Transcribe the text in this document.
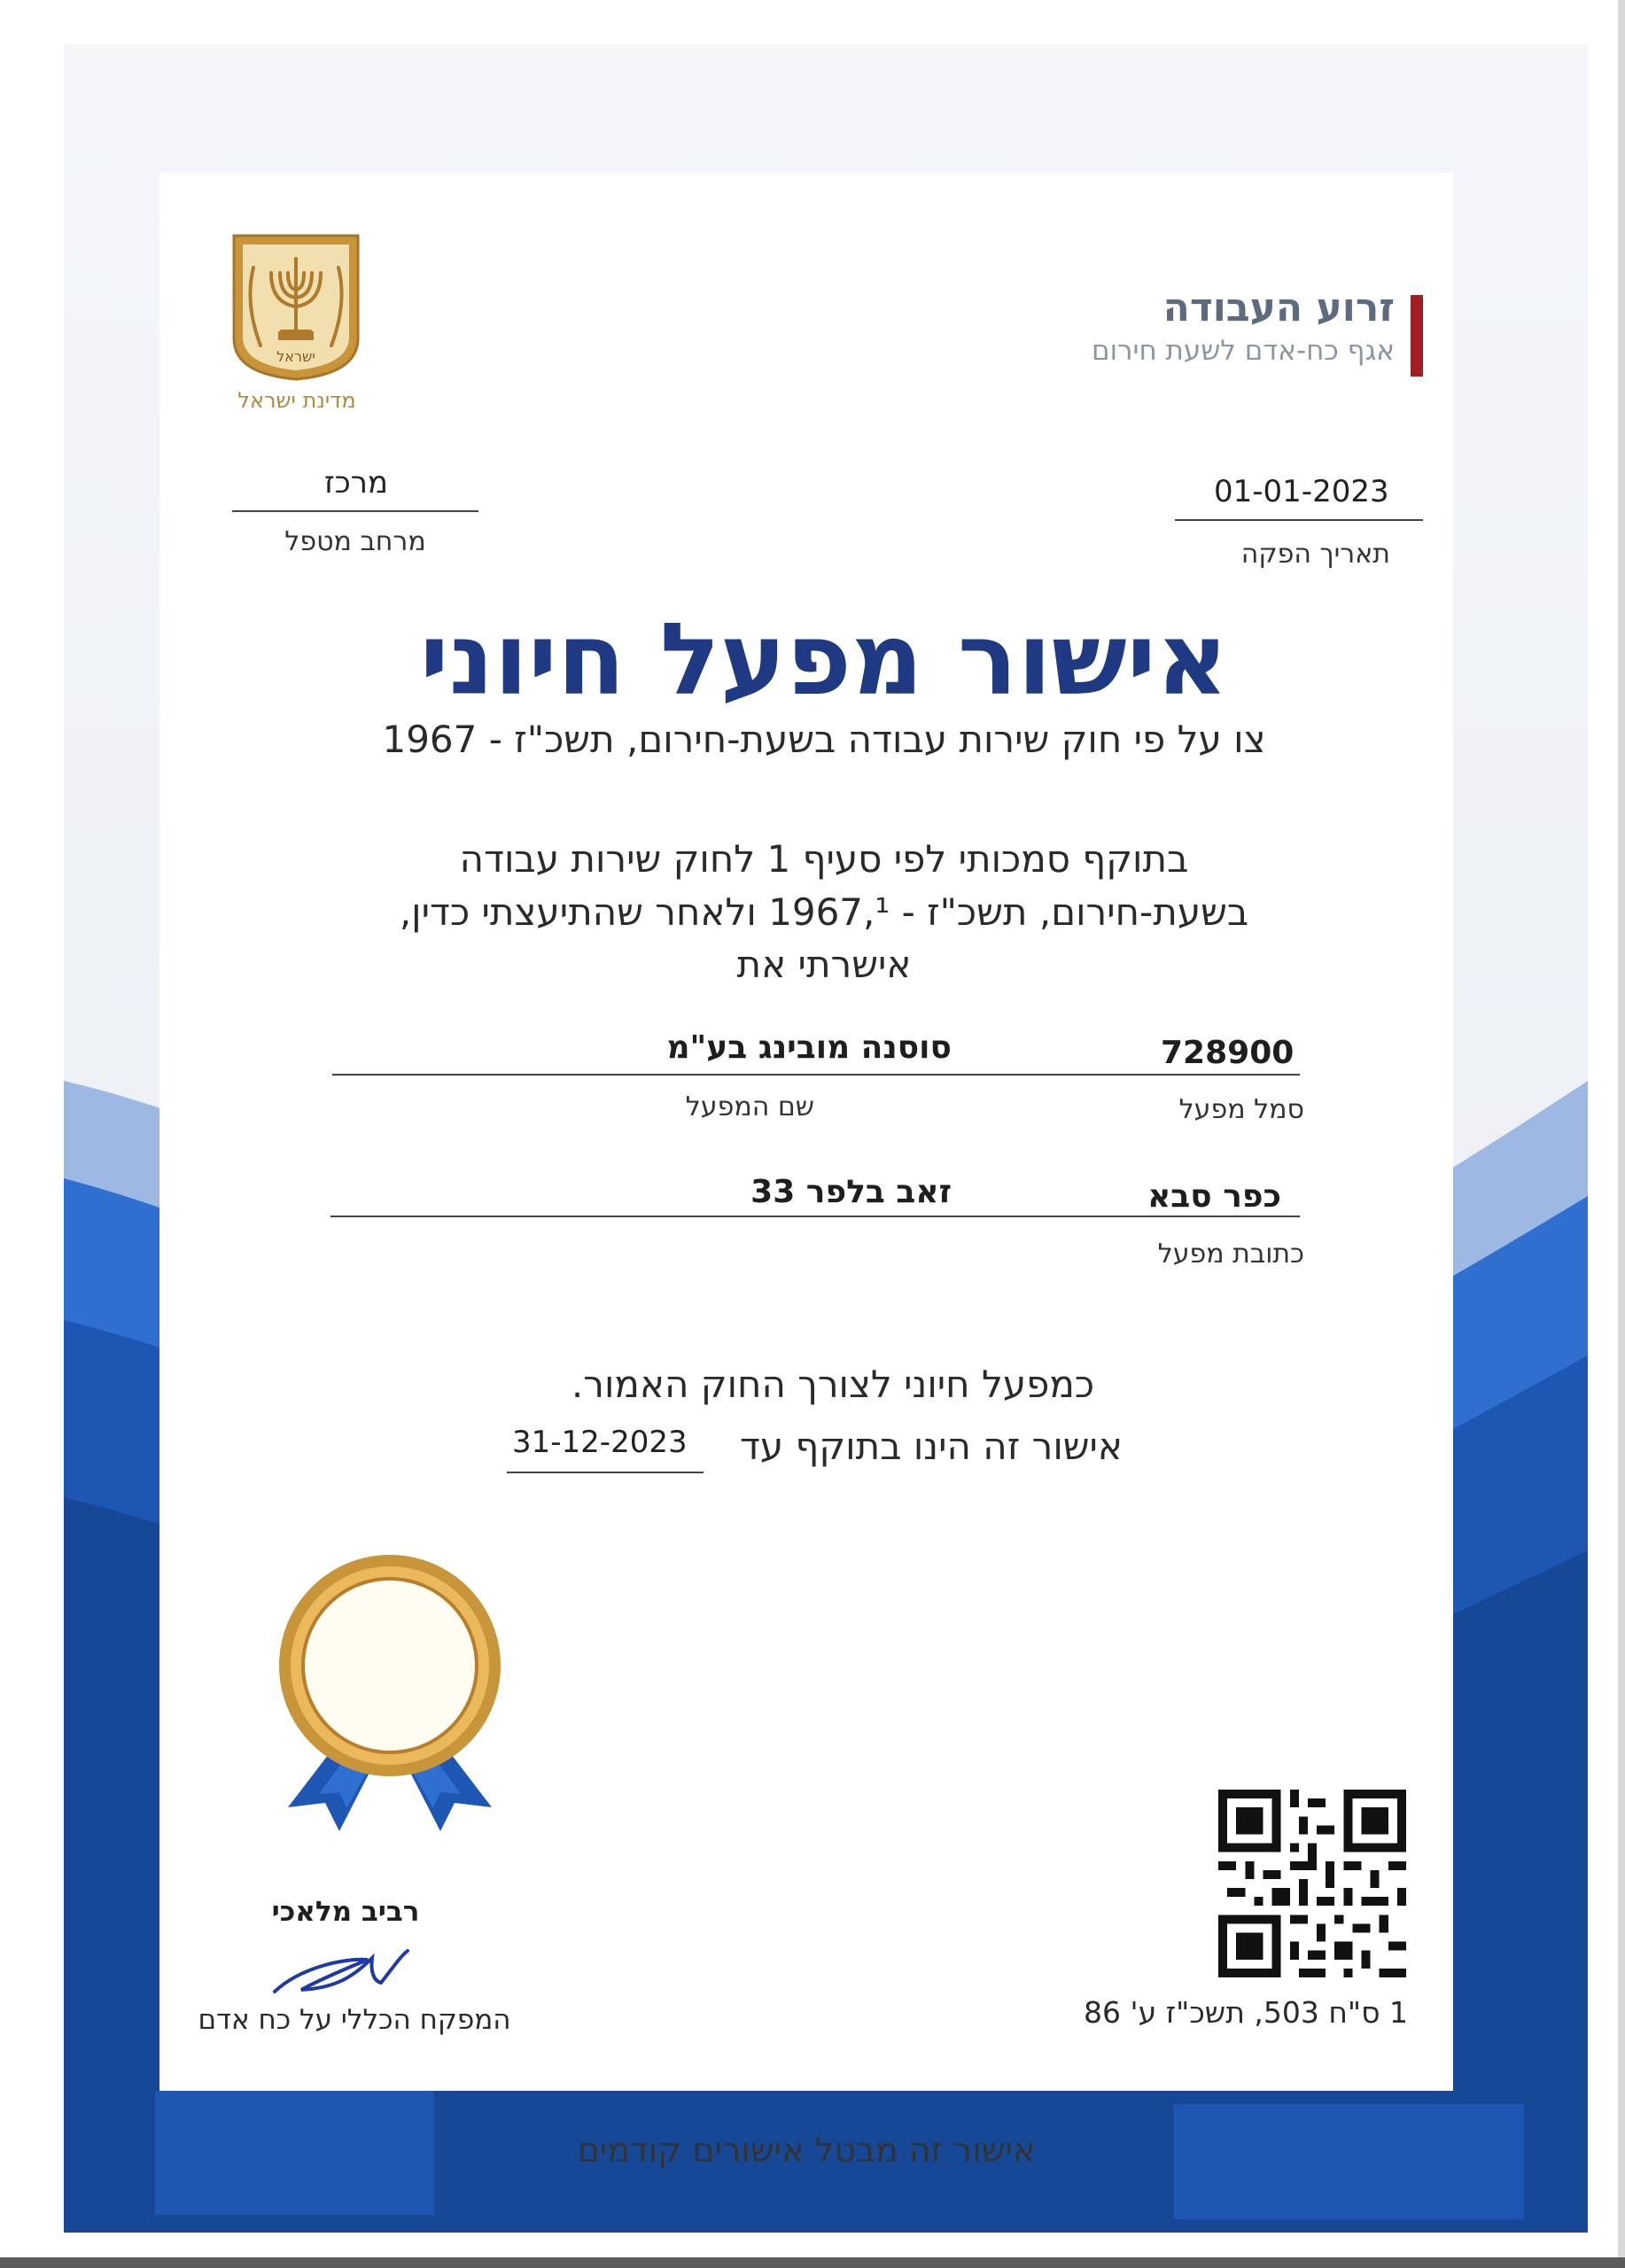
זרוע העבודה
אגף כח-אדם לשעת חירום
ישראל
מדינת ישראל
01-01-2023
תאריך הפקה
מרכז
מרחב מטפל
אישור מפעל חיוני
צו על פי חוק שירות עבודה בשעת-חירום, תשכ"ז - 1967
בתוקף סמכותי לפי סעיף 1 לחוק שירות עבודה
בשעת-חירום, תשכ"ז - 1967,¹ ולאחר שהתיעצתי כדין,
אישרתי את
728900
סוסנה מובינג בע"מ
סמל מפעל
שם המפעל
כפר סבא
זאב בלפר 33
כתובת מפעל
כמפעל חיוני לצורך החוק האמור.
אישור זה הינו בתוקף עד
31-12-2023
1 ס"ח 503, תשכ"ז ע' 86
רביב מלאכי
המפקח הכללי על כח אדם
אישור זה מבטל אישורים קודמים
